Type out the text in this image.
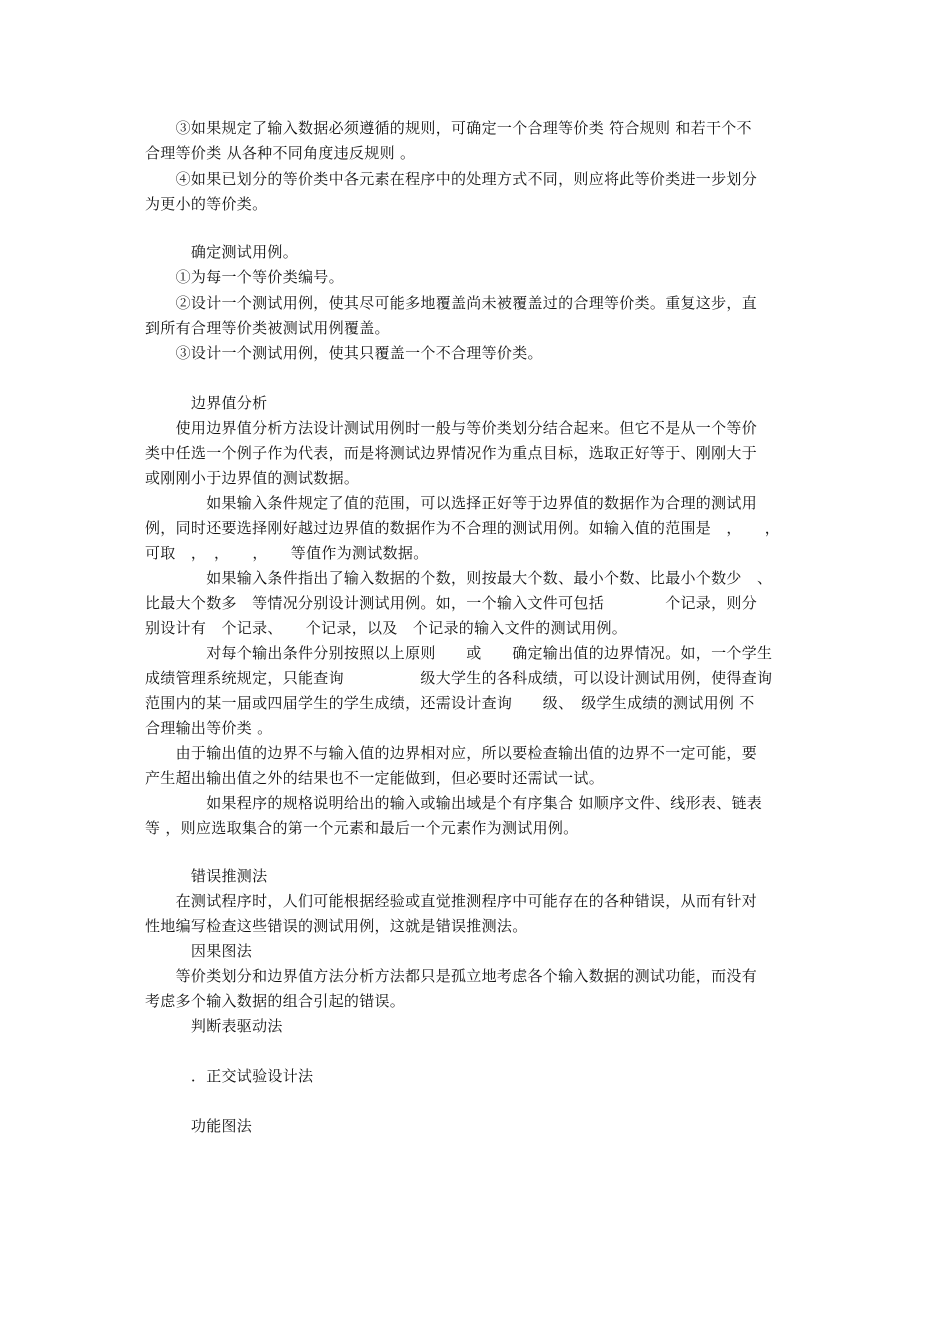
　　③如果规定了输入数据必须遵循的规则，可确定一个合理等价类 符合规则 和若干个不
合理等价类 从各种不同角度违反规则 。
　　④如果已划分的等价类中各元素在程序中的处理方式不同，则应将此等价类进一步划分
为更小的等价类。
　　　确定测试用例。
　　①为每一个等价类编号。
　　②设计一个测试用例，使其尽可能多地覆盖尚未被覆盖过的合理等价类。重复这步，直
到所有合理等价类被测试用例覆盖。
　　③设计一个测试用例，使其只覆盖一个不合理等价类。
　　　边界值分析
　　使用边界值分析方法设计测试用例时一般与等价类划分结合起来。但它不是从一个等价
类中任选一个例子作为代表，而是将测试边界情况作为重点目标，选取正好等于、刚刚大于
或刚刚小于边界值的测试数据。
　　　　如果输入条件规定了值的范围，可以选择正好等于边界值的数据作为合理的测试用
例，同时还要选择刚好越过边界值的数据作为不合理的测试用例。如输入值的范围是　，　　，
可取　，　，　　，　　等值作为测试数据。
　　　　如果输入条件指出了输入数据的个数，则按最大个数、最小个数、比最小个数少　、
比最大个数多　等情况分别设计测试用例。如，一个输入文件可包括　　　　个记录，则分
别设计有　个记录、　　个记录，以及　个记录的输入文件的测试用例。
　　　　对每个输出条件分别按照以上原则　　或　　确定输出值的边界情况。如，一个学生
成绩管理系统规定，只能查询　　　　　级大学生的各科成绩，可以设计测试用例，使得查询
范围内的某一届或四届学生的学生成绩，还需设计查询　　级、　级学生成绩的测试用例 不
合理输出等价类 。
　　由于输出值的边界不与输入值的边界相对应，所以要检查输出值的边界不一定可能，要
产生超出输出值之外的结果也不一定能做到，但必要时还需试一试。
　　　　如果程序的规格说明给出的输入或输出域是个有序集合 如顺序文件、线形表、链表
等 ，则应选取集合的第一个元素和最后一个元素作为测试用例。
　　　错误推测法
　　在测试程序时，人们可能根据经验或直觉推测程序中可能存在的各种错误，从而有针对
性地编写检查这些错误的测试用例，这就是错误推测法。
　　　因果图法
　　等价类划分和边界值方法分析方法都只是孤立地考虑各个输入数据的测试功能，而没有
考虑多个输入数据的组合引起的错误。
　　　判断表驱动法
　　　．正交试验设计法
　　　功能图法
